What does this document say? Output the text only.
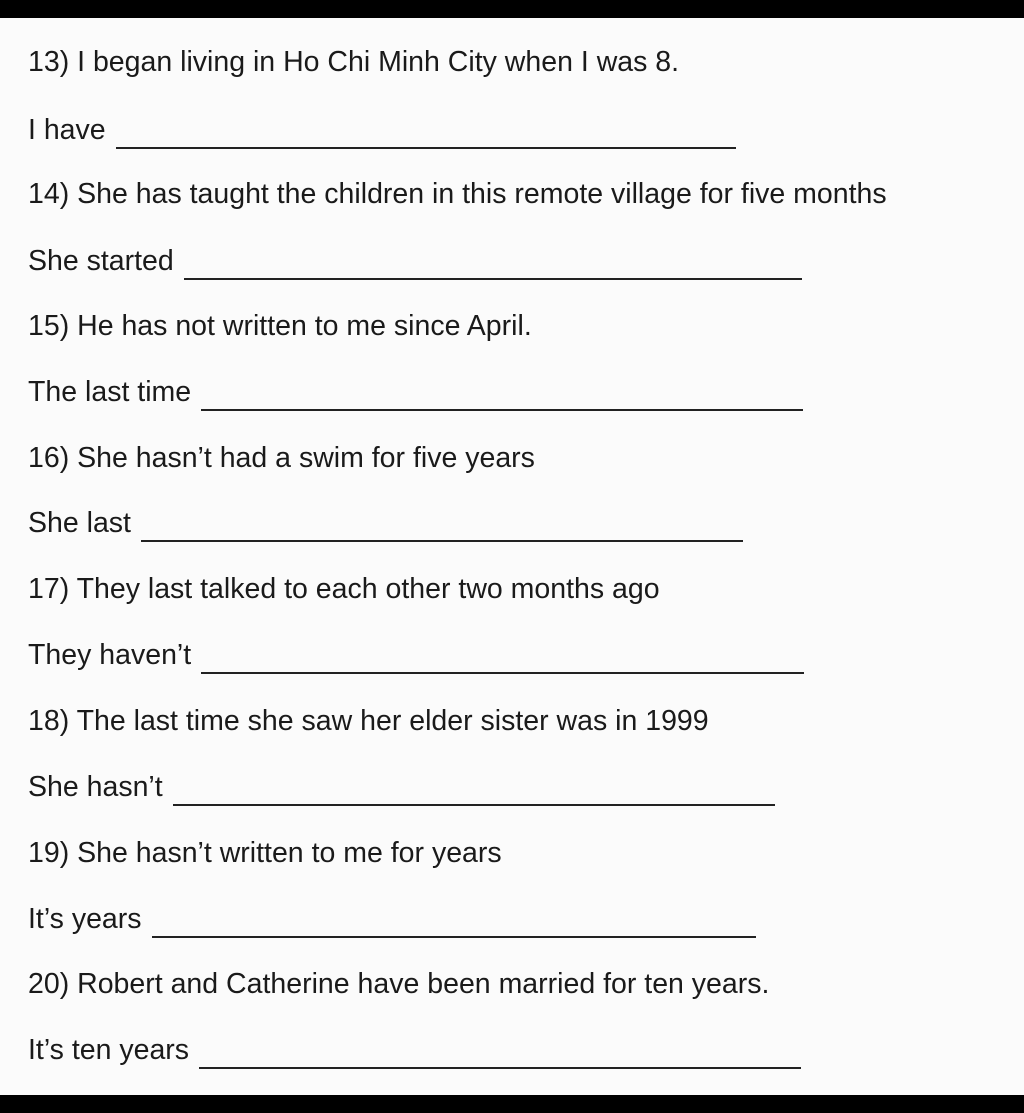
13) I began living in Ho Chi Minh City when I was 8.
I have
14) She has taught the children in this remote village for five months
She started
15) He has not written to me since April.
The last time
16) She hasn’t had a swim for five years
She last
17) They last talked to each other two months ago
They haven’t
18) The last time she saw her elder sister was in 1999
She hasn’t
19) She hasn’t written to me for years
It’s years
20) Robert and Catherine have been married for ten years.
It’s ten years
